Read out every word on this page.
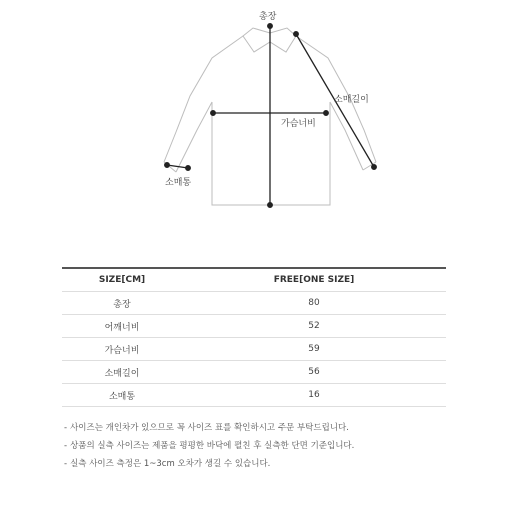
총장
소매길이
가슴너비
소매통
SIZE[CM]	FREE[ONE SIZE]
총장	80
어깨너비	52
가슴너비	59
소매길이	56
소매통	16
- 사이즈는 개인차가 있으므로 꼭 사이즈 표를 확인하시고 주문 부탁드립니다.
- 상품의 실측 사이즈는 제품을 평평한 바닥에 펼친 후 실측한 단면 기준입니다.
- 실측 사이즈 측정은 1~3cm 오차가 생길 수 있습니다.
